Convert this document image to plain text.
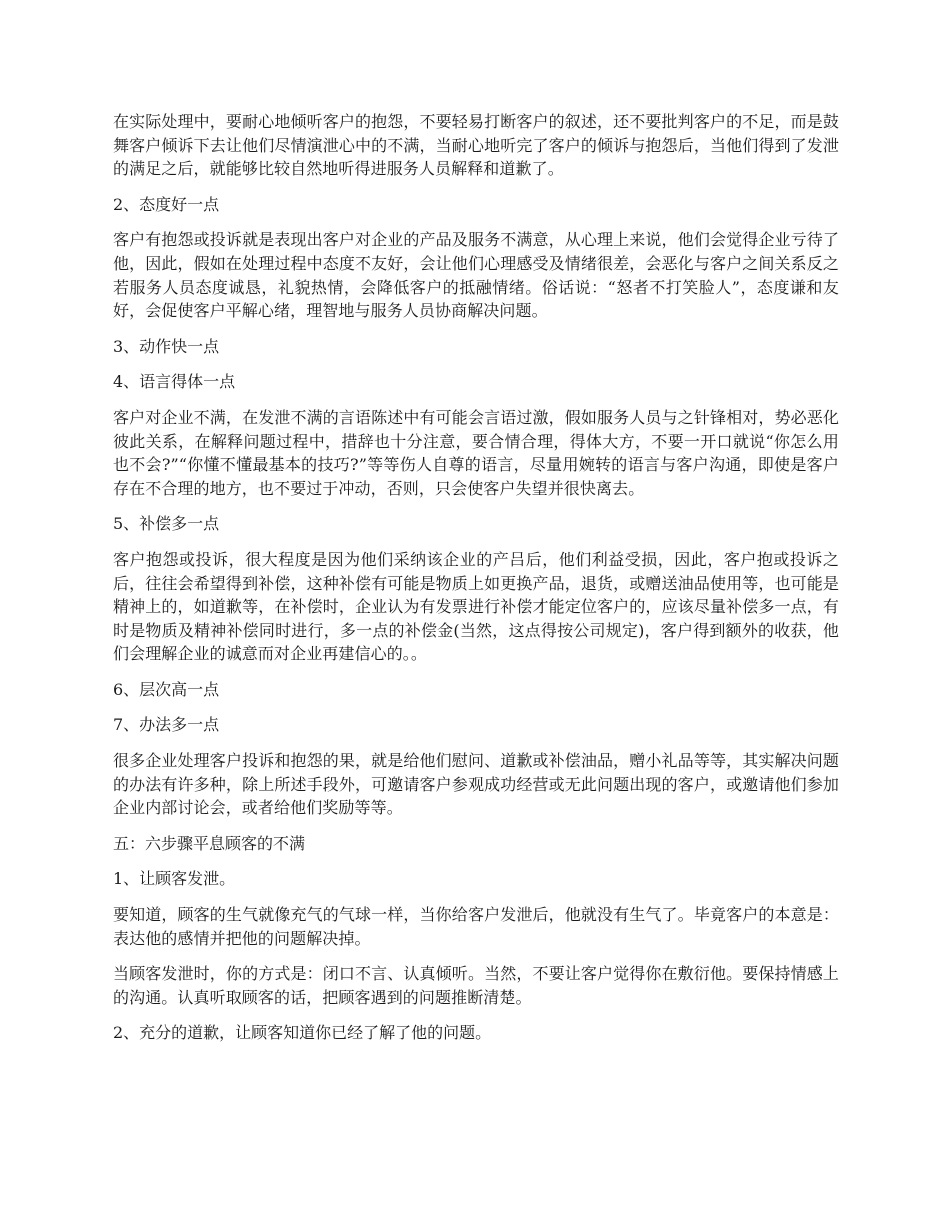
在实际处理中，要耐心地倾听客户的抱怨，不要轻易打断客户的叙述，还不要批判客户的不足，而是鼓舞客户倾诉下去让他们尽情演泄心中的不满，当耐心地听完了客户的倾诉与抱怨后，当他们得到了发泄的满足之后，就能够比较自然地听得进服务人员解释和道歉了。

2、态度好一点

客户有抱怨或投诉就是表现出客户对企业的产品及服务不满意，从心理上来说，他们会觉得企业亏待了他，因此，假如在处理过程中态度不友好，会让他们心理感受及情绪很差，会恶化与客户之间关系反之若服务人员态度诚恳，礼貌热情，会降低客户的抵融情绪。俗话说：“怒者不打笑脸人”，态度谦和友好，会促使客户平解心绪，理智地与服务人员协商解决问题。

3、动作快一点

4、语言得体一点

客户对企业不满，在发泄不满的言语陈述中有可能会言语过激，假如服务人员与之针锋相对，势必恶化彼此关系，在解释问题过程中，措辞也十分注意，要合情合理，得体大方，不要一开口就说“你怎么用也不会?”“你懂不懂最基本的技巧?”等等伤人自尊的语言，尽量用婉转的语言与客户沟通，即使是客户存在不合理的地方，也不要过于冲动，否则，只会使客户失望并很快离去。

5、补偿多一点

客户抱怨或投诉，很大程度是因为他们采纳该企业的产吕后，他们利益受损，因此，客户抱或投诉之后，往往会希望得到补偿，这种补偿有可能是物质上如更换产品，退货，或赠送油品使用等，也可能是精神上的，如道歉等，在补偿时，企业认为有发票进行补偿才能定位客户的，应该尽量补偿多一点，有时是物质及精神补偿同时进行，多一点的补偿金(当然，这点得按公司规定)，客户得到额外的收获，他们会理解企业的诚意而对企业再建信心的。。

6、层次高一点

7、办法多一点

很多企业处理客户投诉和抱怨的果，就是给他们慰问、道歉或补偿油品，赠小礼品等等，其实解决问题的办法有许多种，除上所述手段外，可邀请客户参观成功经营或无此问题出现的客户，或邀请他们参加企业内部讨论会，或者给他们奖励等等。

五：六步骤平息顾客的不满

1、让顾客发泄。

要知道，顾客的生气就像充气的气球一样，当你给客户发泄后，他就没有生气了。毕竟客户的本意是：表达他的感情并把他的问题解决掉。

当顾客发泄时，你的方式是：闭口不言、认真倾听。当然，不要让客户觉得你在敷衍他。要保持情感上的沟通。认真听取顾客的话，把顾客遇到的问题推断清楚。

2、充分的道歉，让顾客知道你已经了解了他的问题。
